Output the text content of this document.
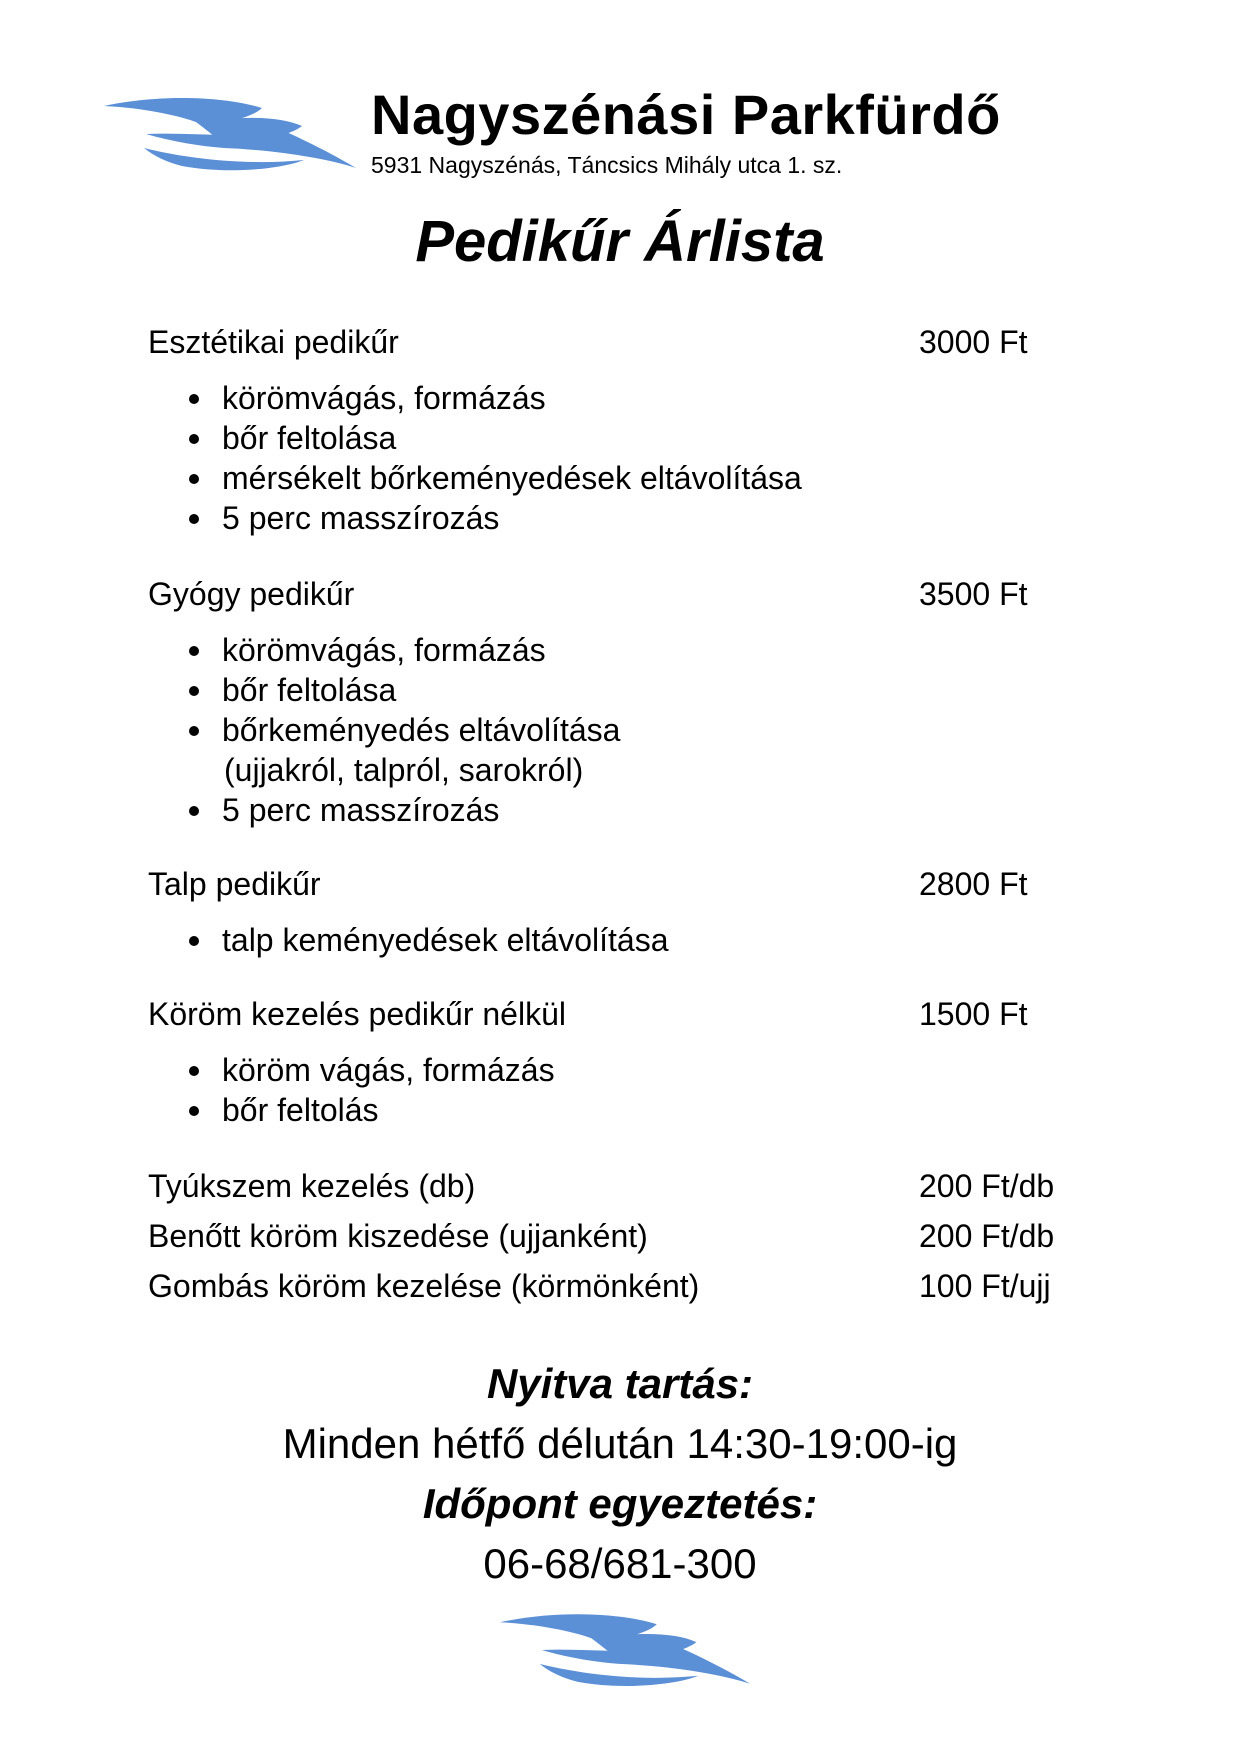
Nagyszénási Parkfürdő
5931 Nagyszénás, Táncsics Mihály utca 1. sz.
Pedikűr Árlista
Esztétikai pedikűr	3000 Ft
körömvágás, formázás
bőr feltolása
mérsékelt bőrkeményedések eltávolítása
5 perc masszírozás
Gyógy pedikűr	3500 Ft
körömvágás, formázás
bőr feltolása
bőrkeményedés eltávolítása
(ujjakról, talpról, sarokról)
5 perc masszírozás
Talp pedikűr	2800 Ft
talp keményedések eltávolítása
Köröm kezelés pedikűr nélkül	1500 Ft
köröm vágás, formázás
bőr feltolás
Tyúkszem kezelés (db)	200 Ft/db
Benőtt köröm kiszedése (ujjanként)	200 Ft/db
Gombás köröm kezelése (körmönként)	100 Ft/ujj
Nyitva tartás:
Minden hétfő délután 14:30-19:00-ig
Időpont egyeztetés:
06-68/681-300
